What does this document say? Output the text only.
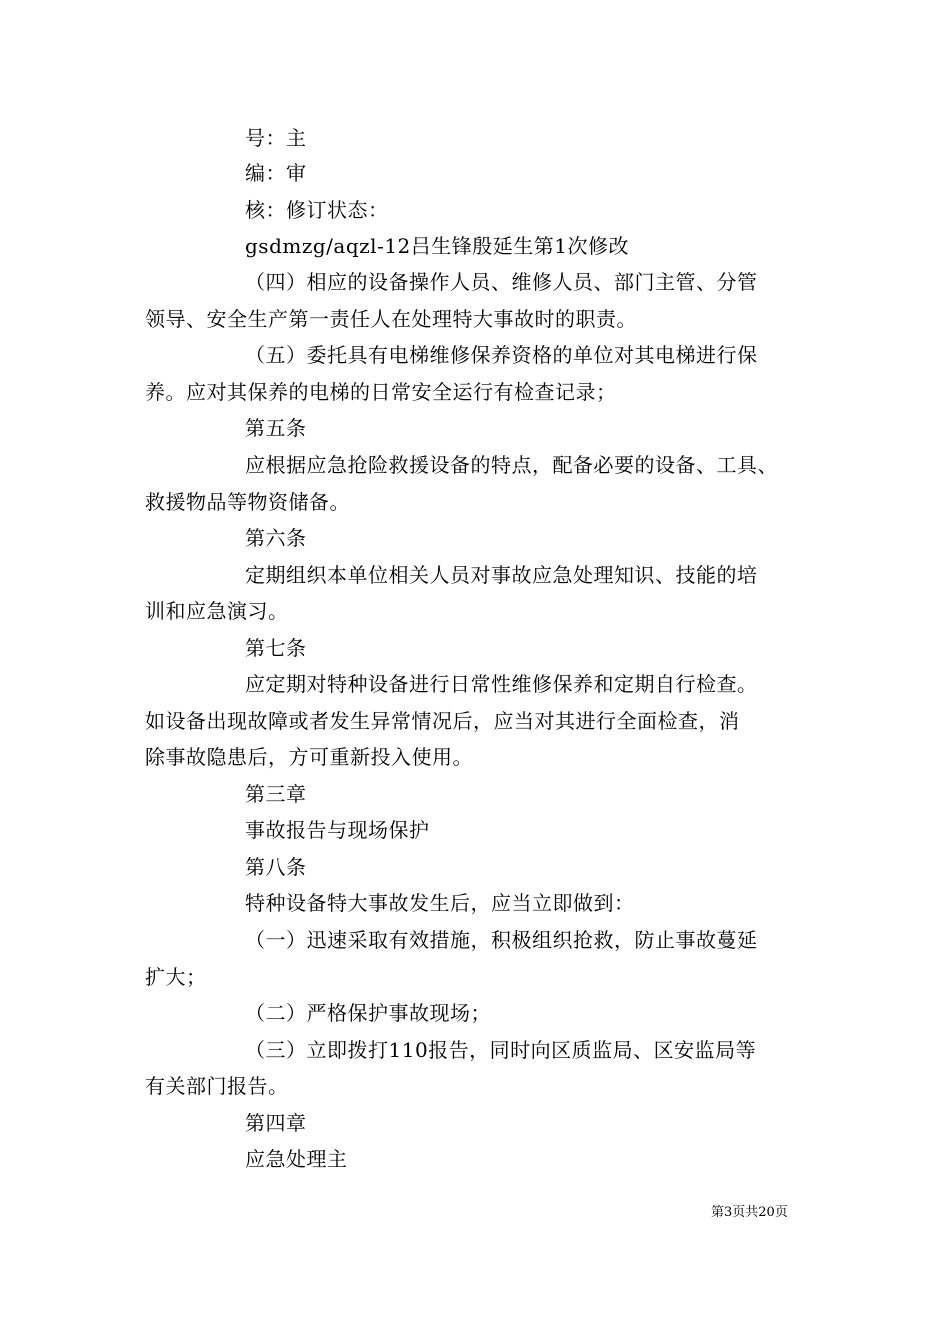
号：主
编：审
核：修订状态：
gsdmzg/aqzl-12吕生锋殷延生第1次修改
（四）相应的设备操作人员、维修人员、部门主管、分管
领导、安全生产第一责任人在处理特大事故时的职责。
（五）委托具有电梯维修保养资格的单位对其电梯进行保
养。应对其保养的电梯的日常安全运行有检查记录；
第五条
应根据应急抢险救援设备的特点，配备必要的设备、工具、
救援物品等物资储备。
第六条
定期组织本单位相关人员对事故应急处理知识、技能的培
训和应急演习。
第七条
应定期对特种设备进行日常性维修保养和定期自行检查。
如设备出现故障或者发生异常情况后，应当对其进行全面检查，消
除事故隐患后，方可重新投入使用。
第三章
事故报告与现场保护
第八条
特种设备特大事故发生后，应当立即做到：
（一）迅速采取有效措施，积极组织抢救，防止事故蔓延
扩大；
（二）严格保护事故现场；
（三）立即拨打110报告，同时向区质监局、区安监局等
有关部门报告。
第四章
应急处理主
第3页共20页
